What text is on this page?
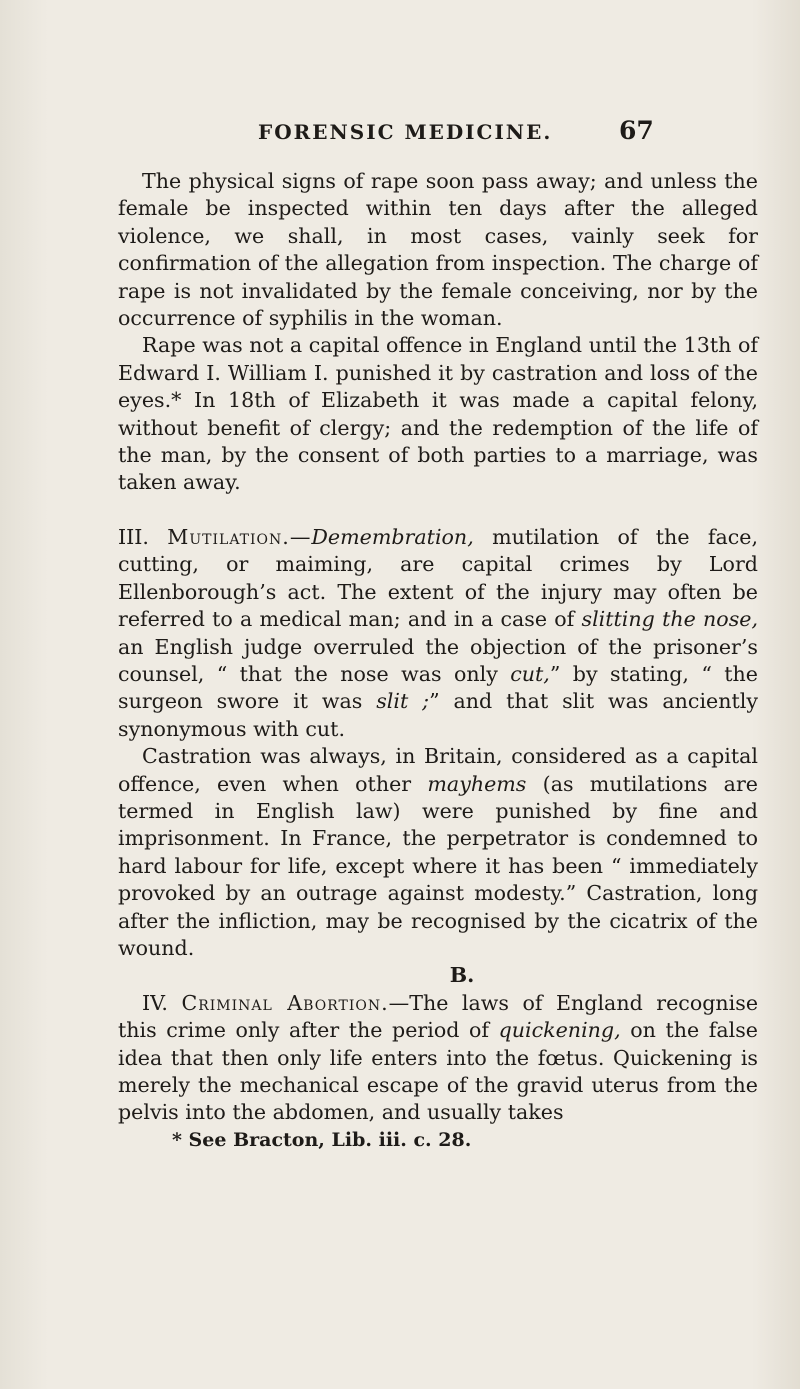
FORENSIC MEDICINE.	67

The physical signs of rape soon pass away; and unless the female be inspected within ten days after the alleged violence, we shall, in most cases, vainly seek for confirmation of the allegation from inspection. The charge of rape is not invalidated by the female conceiving, nor by the occurrence of syphilis in the woman.

Rape was not a capital offence in England until the 13th of Edward I. William I. punished it by castration and loss of the eyes.* In 18th of Elizabeth it was made a capital felony, without benefit of clergy; and the redemption of the life of the man, by the consent of both parties to a marriage, was taken away.

III. Mutilation.—Demembration, mutilation of the face, cutting, or maiming, are capital crimes by Lord Ellenborough’s act. The extent of the injury may often be referred to a medical man; and in a case of slitting the nose, an English judge overruled the objection of the prisoner’s counsel, “ that the nose was only cut,” by stating, “ the surgeon swore it was slit ;” and that slit was anciently synonymous with cut.

Castration was always, in Britain, considered as a capital offence, even when other mayhems (as mutilations are termed in English law) were punished by fine and imprisonment. In France, the perpetrator is condemned to hard labour for life, except where it has been “ immediately provoked by an outrage against modesty.” Castration, long after the infliction, may be recognised by the cicatrix of the wound.

B.

IV. Criminal Abortion.—The laws of England recognise this crime only after the period of quickening, on the false idea that then only life enters into the fœtus. Quickening is merely the mechanical escape of the gravid uterus from the pelvis into the abdomen, and usually takes

* See Bracton, Lib. iii. c. 28.
